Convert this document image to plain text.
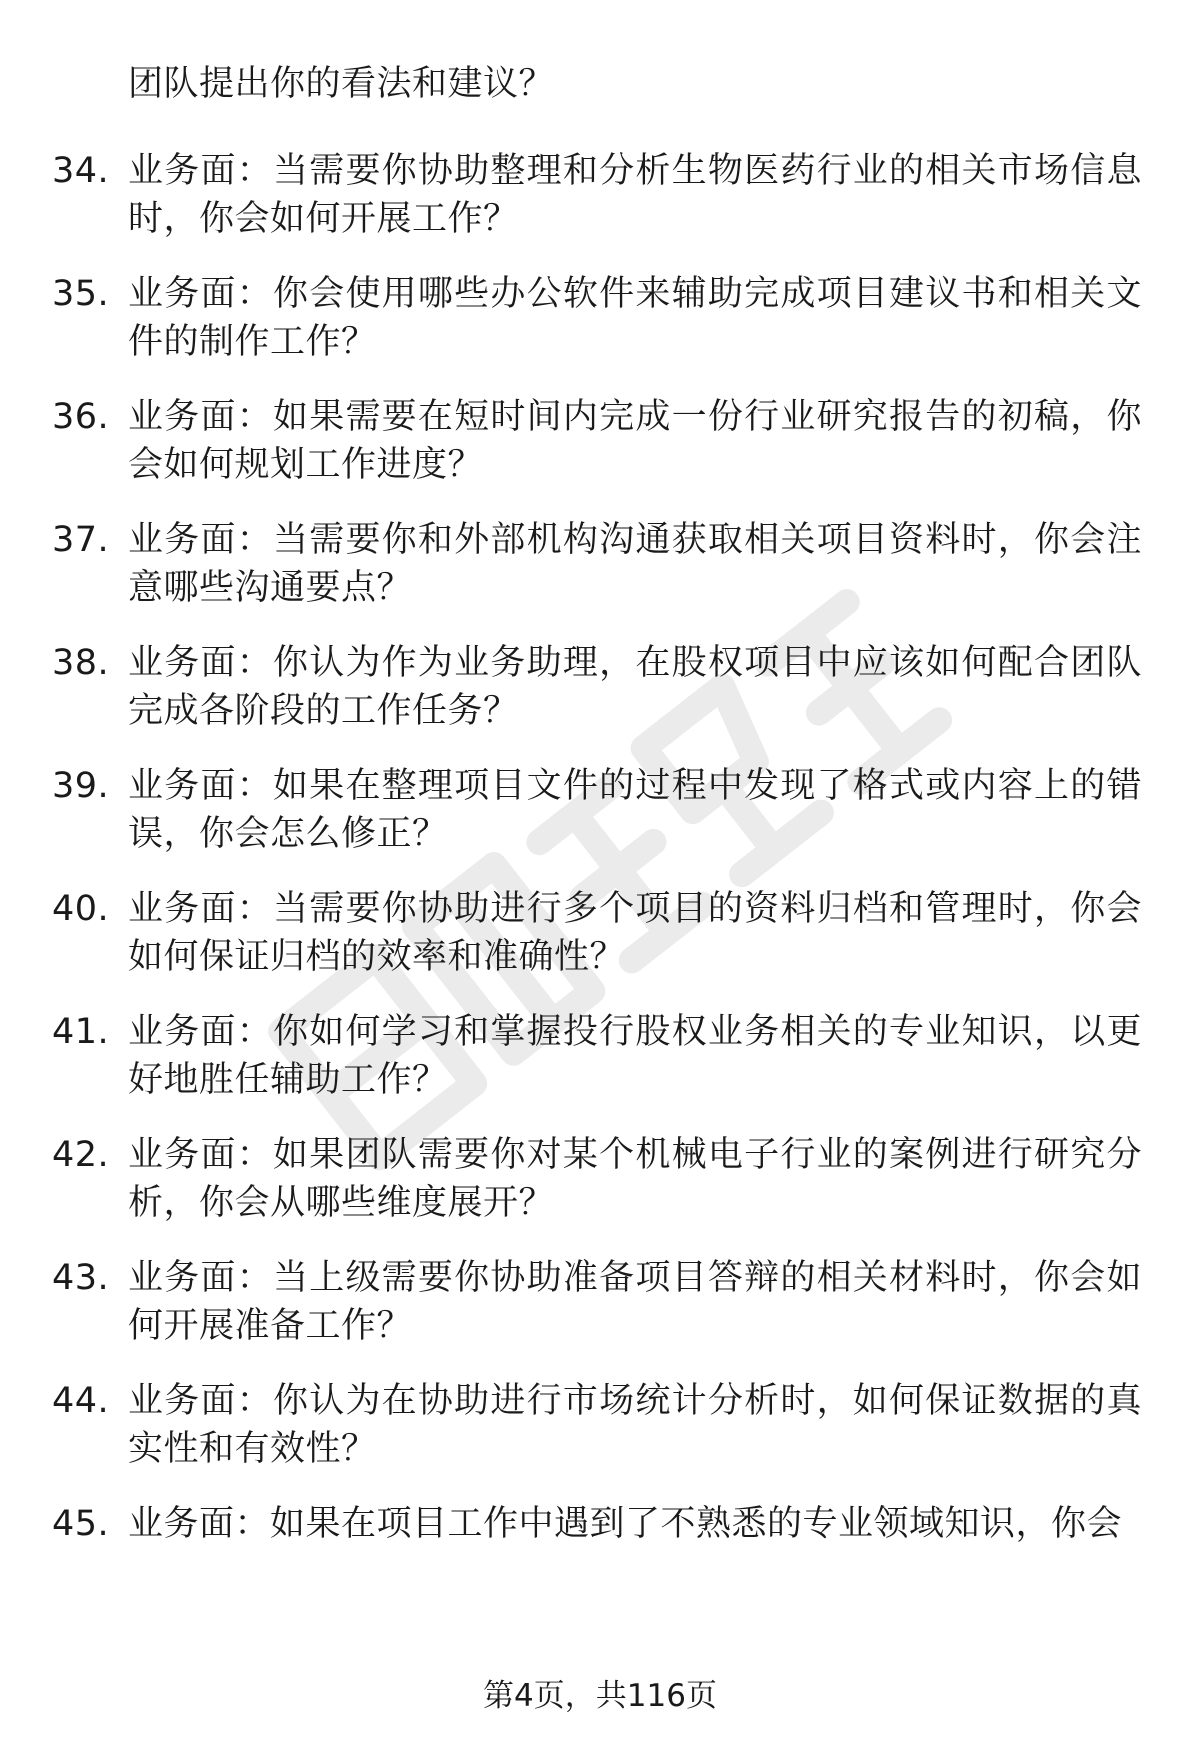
团队提出你的看法和建议？
34. 业务面：当需要你协助整理和分析生物医药行业的相关市场信息时，你会如何开展工作？
35. 业务面：你会使用哪些办公软件来辅助完成项目建议书和相关文件的制作工作？
36. 业务面：如果需要在短时间内完成一份行业研究报告的初稿，你会如何规划工作进度？
37. 业务面：当需要你和外部机构沟通获取相关项目资料时，你会注意哪些沟通要点？
38. 业务面：你认为作为业务助理，在股权项目中应该如何配合团队完成各阶段的工作任务？
39. 业务面：如果在整理项目文件的过程中发现了格式或内容上的错误，你会怎么修正？
40. 业务面：当需要你协助进行多个项目的资料归档和管理时，你会如何保证归档的效率和准确性？
41. 业务面：你如何学习和掌握投行股权业务相关的专业知识，以更好地胜任辅助工作？
42. 业务面：如果团队需要你对某个机械电子行业的案例进行研究分析，你会从哪些维度展开？
43. 业务面：当上级需要你协助准备项目答辩的相关材料时，你会如何开展准备工作？
44. 业务面：你认为在协助进行市场统计分析时，如何保证数据的真实性和有效性？
45. 业务面：如果在项目工作中遇到了不熟悉的专业领域知识，你会
第4页，共116页
